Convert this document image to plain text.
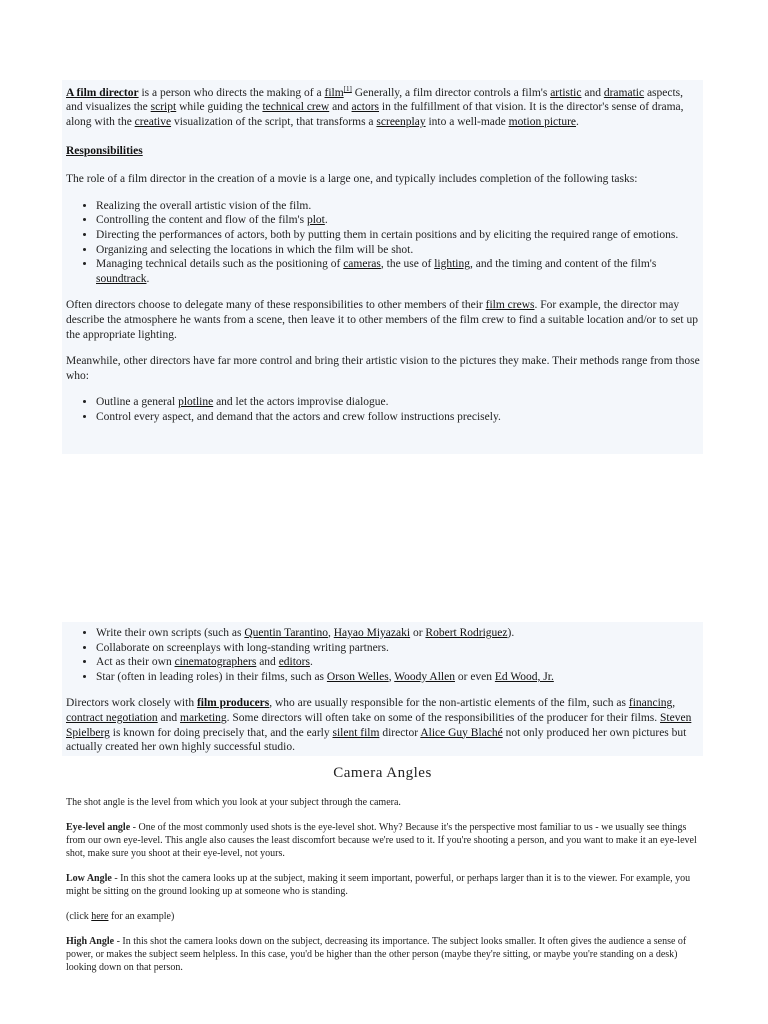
A film director is a person who directs the making of a film[1] Generally, a film director controls a film's artistic and dramatic aspects, and visualizes the script while guiding the technical crew and actors in the fulfillment of that vision. It is the director's sense of drama, along with the creative visualization of the script, that transforms a screenplay into a well-made motion picture.

Responsibilities

The role of a film director in the creation of a movie is a large one, and typically includes completion of the following tasks:

• Realizing the overall artistic vision of the film.
• Controlling the content and flow of the film's plot.
• Directing the performances of actors, both by putting them in certain positions and by eliciting the required range of emotions.
• Organizing and selecting the locations in which the film will be shot.
• Managing technical details such as the positioning of cameras, the use of lighting, and the timing and content of the film's soundtrack.

Often directors choose to delegate many of these responsibilities to other members of their film crews. For example, the director may describe the atmosphere he wants from a scene, then leave it to other members of the film crew to find a suitable location and/or to set up the appropriate lighting.

Meanwhile, other directors have far more control and bring their artistic vision to the pictures they make. Their methods range from those who:

• Outline a general plotline and let the actors improvise dialogue.
• Control every aspect, and demand that the actors and crew follow instructions precisely.
• Write their own scripts (such as Quentin Tarantino, Hayao Miyazaki or Robert Rodriguez).
• Collaborate on screenplays with long-standing writing partners.
• Act as their own cinematographers and editors.
• Star (often in leading roles) in their films, such as Orson Welles, Woody Allen or even Ed Wood, Jr.

Directors work closely with film producers, who are usually responsible for the non-artistic elements of the film, such as financing, contract negotiation and marketing. Some directors will often take on some of the responsibilities of the producer for their films. Steven Spielberg is known for doing precisely that, and the early silent film director Alice Guy Blaché not only produced her own pictures but actually created her own highly successful studio.

Camera Angles

The shot angle is the level from which you look at your subject through the camera.

Eye-level angle - One of the most commonly used shots is the eye-level shot. Why? Because it's the perspective most familiar to us - we usually see things from our own eye-level. This angle also causes the least discomfort because we're used to it. If you're shooting a person, and you want to make it an eye-level shot, make sure you shoot at their eye-level, not yours.

Low Angle - In this shot the camera looks up at the subject, making it seem important, powerful, or perhaps larger than it is to the viewer. For example, you might be sitting on the ground looking up at someone who is standing.

(click here for an example)

High Angle - In this shot the camera looks down on the subject, decreasing its importance. The subject looks smaller. It often gives the audience a sense of power, or makes the subject seem helpless. In this case, you'd be higher than the other person (maybe they're sitting, or maybe you're standing on a desk) looking down on that person.
